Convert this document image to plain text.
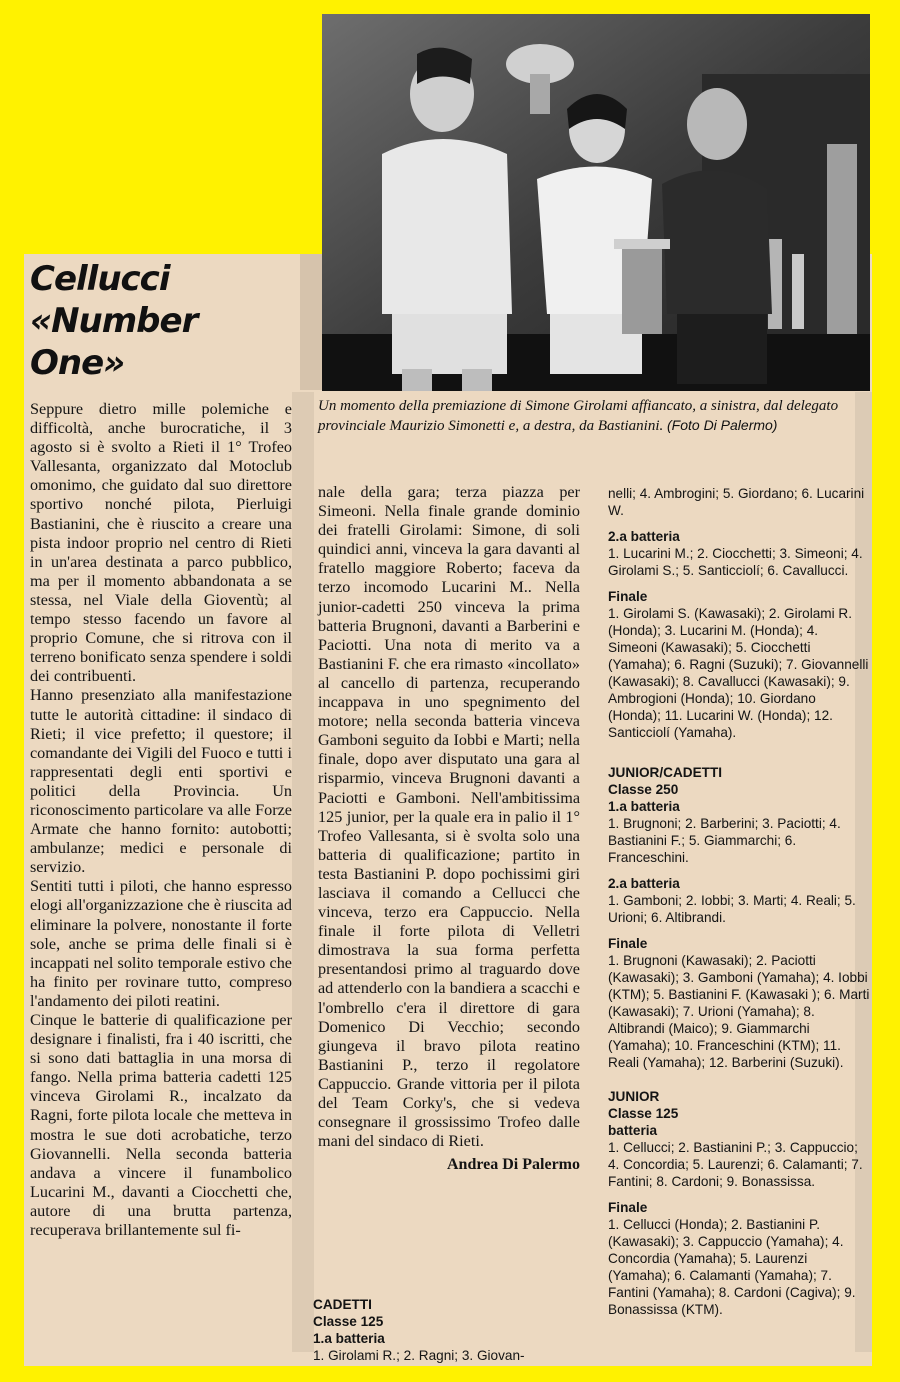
Cellucci
«Number
One»
Un momento della premiazione di Simone Girolami affiancato, a sinistra, dal delegato provinciale Maurizio Simonetti e, a destra, da Bastianini. (Foto Di Palermo)

Seppure dietro mille polemiche e difficoltà, anche burocratiche, il 3 agosto si è svolto a Rieti il 1° Trofeo Vallesanta, organizzato dal Motoclub omonimo, che guidato dal suo direttore sportivo nonché pilota, Pierluigi Bastianini, che è riuscito a creare una pista indoor proprio nel centro di Rieti in un'area destinata a parco pubblico, ma per il momento abbandonata a se stessa, nel Viale della Gioventù; al tempo stesso facendo un favore al proprio Comune, che si ritrova con il terreno bonificato senza spendere i soldi dei contribuenti.

Hanno presenziato alla manifestazione tutte le autorità cittadine: il sindaco di Rieti; il vice prefetto; il questore; il comandante dei Vigili del Fuoco e tutti i rappresentati degli enti sportivi e politici della Provincia. Un riconoscimento particolare va alle Forze Armate che hanno fornito: autobotti; ambulanze; medici e personale di servizio.

Sentiti tutti i piloti, che hanno espresso elogi all'organizzazione che è riuscita ad eliminare la polvere, nonostante il forte sole, anche se prima delle finali si è incappati nel solito temporale estivo che ha finito per rovinare tutto, compreso l'andamento dei piloti reatini.

Cinque le batterie di qualificazione per designare i finalisti, fra i 40 iscritti, che si sono dati battaglia in una morsa di fango. Nella prima batteria cadetti 125 vinceva Girolami R., incalzato da Ragni, forte pilota locale che metteva in mostra le sue doti acrobatiche, terzo Giovannelli. Nella seconda batteria andava a vincere il funambolico Lucarini M., davanti a Ciocchetti che, autore di una brutta partenza, recuperava brillantemente sul fi-

nale della gara; terza piazza per Simeoni. Nella finale grande dominio dei fratelli Girolami: Simone, di soli quindici anni, vinceva la gara davanti al fratello maggiore Roberto; faceva da terzo incomodo Lucarini M.. Nella junior-cadetti 250 vinceva la prima batteria Brugnoni, davanti a Barberini e Paciotti. Una nota di merito va a Bastianini F. che era rimasto «incollato» al cancello di partenza, recuperando incappava in uno spegnimento del motore; nella seconda batteria vinceva Gamboni seguito da Iobbi e Marti; nella finale, dopo aver disputato una gara al risparmio, vinceva Brugnoni davanti a Paciotti e Gamboni. Nell'ambitissima 125 junior, per la quale era in palio il 1° Trofeo Vallesanta, si è svolta solo una batteria di qualificazione; partito in testa Bastianini P. dopo pochissimi giri lasciava il comando a Cellucci che vinceva, terzo era Cappuccio. Nella finale il forte pilota di Velletri dimostrava la sua forma perfetta presentandosi primo al traguardo dove ad attenderlo con la bandiera a scacchi e l'ombrello c'era il direttore di gara Domenico Di Vecchio; secondo giungeva il bravo pilota reatino Bastianini P., terzo il regolatore Cappuccio. Grande vittoria per il pilota del Team Corky's, che si vedeva consegnare il grossissimo Trofeo dalle mani del sindaco di Rieti.

Andrea Di Palermo
CADETTI
Classe 125
1.a batteria
1. Girolami R.; 2. Ragni; 3. Giovan-
nelli; 4. Ambrogini; 5. Giordano; 6. Lucarini W.
2.a batteria
1. Lucarini M.; 2. Ciocchetti; 3. Simeoni; 4. Girolami S.; 5. Santicciolí; 6. Cavallucci.
Finale
1. Girolami S. (Kawasaki); 2. Girolami R. (Honda); 3. Lucarini M. (Honda); 4. Simeoni (Kawasaki); 5. Ciocchetti (Yamaha); 6. Ragni (Suzuki); 7. Giovannelli (Kawasaki); 8. Cavallucci (Kawasaki); 9. Ambrogioni (Honda); 10. Giordano (Honda); 11. Lucarini W. (Honda); 12. Santicciolí (Yamaha).
JUNIOR/CADETTI
Classe 250
1.a batteria
1. Brugnoni; 2. Barberini; 3. Paciotti; 4. Bastianini F.; 5. Giammarchi; 6. Franceschini.
2.a batteria
1. Gamboni; 2. Iobbi; 3. Marti; 4. Reali; 5. Urioni; 6. Altibrandi.
Finale
1. Brugnoni (Kawasaki); 2. Paciotti (Kawasaki); 3. Gamboni (Yamaha); 4. Iobbi (KTM); 5. Bastianini F. (Kawasaki ); 6. Marti (Kawasaki); 7. Urioni (Yamaha); 8. Altibrandi (Maico); 9. Giammarchi (Yamaha); 10. Franceschini (KTM); 11. Reali (Yamaha); 12. Barberini (Suzuki).
JUNIOR
Classe 125
batteria
1. Cellucci; 2. Bastianini P.; 3. Cappuccio; 4. Concordia; 5. Laurenzi; 6. Calamanti; 7. Fantini; 8. Cardoni; 9. Bonassissa.
Finale
1. Cellucci (Honda); 2. Bastianini P. (Kawasaki); 3. Cappuccio (Yamaha); 4. Concordia (Yamaha); 5. Laurenzi (Yamaha); 6. Calamanti (Yamaha); 7. Fantini (Yamaha); 8. Cardoni (Cagiva); 9. Bonassissa (KTM).
